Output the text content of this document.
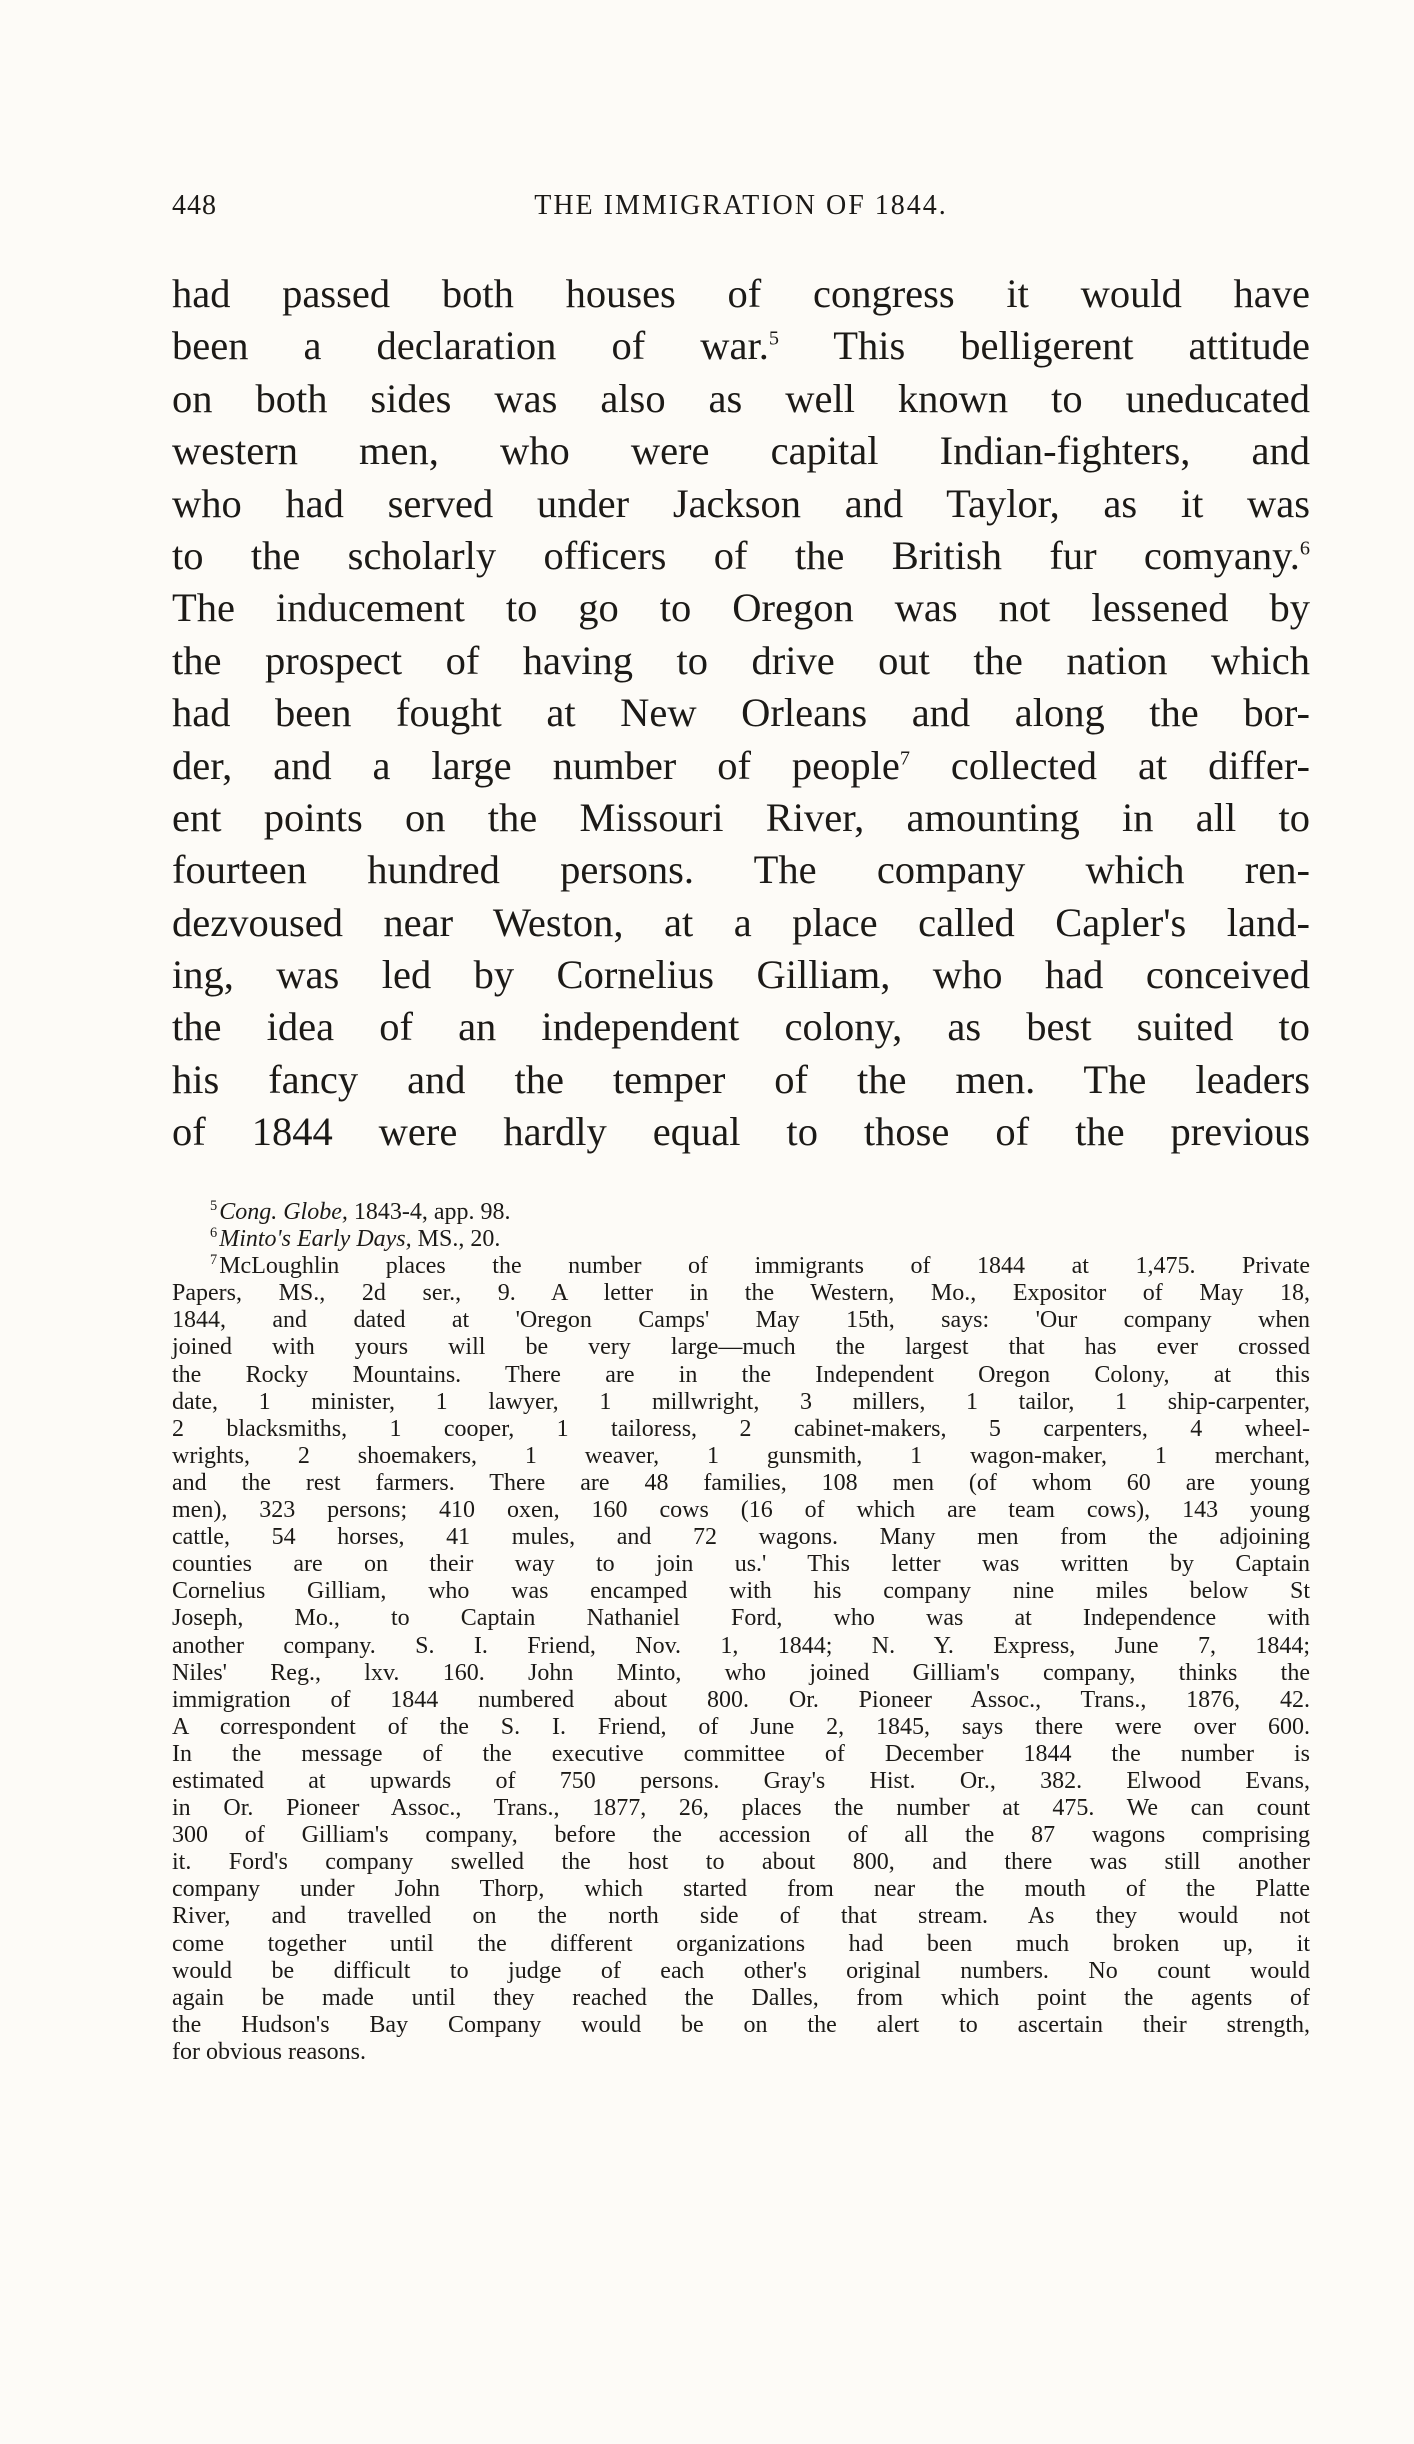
448	THE IMMIGRATION OF 1844.
had passed both houses of congress it would have
been a declaration of war.$^5$ This belligerent attitude
on both sides was also as well known to uneducated
western men, who were capital Indian-fighters, and
who had served under Jackson and Taylor, as it was
to the scholarly officers of the British fur comyany.$^6$
The inducement to go to Oregon was not lessened by
the prospect of having to drive out the nation which
had been fought at New Orleans and along the bor-
der, and a large number of people$^7$ collected at differ-
ent points on the Missouri River, amounting in all to
fourteen hundred persons. The company which ren-
dezvoused near Weston, at a place called Capler's land-
ing, was led by Cornelius Gilliam, who had conceived
the idea of an independent colony, as best suited to
his fancy and the temper of the men. The leaders
of 1844 were hardly equal to those of the previous
$^5$Cong. Globe, 1843-4, app. 98.
$^6$Minto's Early Days, MS., 20.
$^7$McLoughlin places the number of immigrants of 1844 at 1,475. Private
Papers, MS., 2d ser., 9. A letter in the Western, Mo., Expositor of May 18,
1844, and dated at 'Oregon Camps' May 15th, says: 'Our company when
joined with yours will be very large—much the largest that has ever crossed
the Rocky Mountains. There are in the Independent Oregon Colony, at this
date, 1 minister, 1 lawyer, 1 millwright, 3 millers, 1 tailor, 1 ship-carpenter,
2 blacksmiths, 1 cooper, 1 tailoress, 2 cabinet-makers, 5 carpenters, 4 wheel-
wrights, 2 shoemakers, 1 weaver, 1 gunsmith, 1 wagon-maker, 1 merchant,
and the rest farmers. There are 48 families, 108 men (of whom 60 are young
men), 323 persons; 410 oxen, 160 cows (16 of which are team cows), 143 young
cattle, 54 horses, 41 mules, and 72 wagons. Many men from the adjoining
counties are on their way to join us.' This letter was written by Captain
Cornelius Gilliam, who was encamped with his company nine miles below St
Joseph, Mo., to Captain Nathaniel Ford, who was at Independence with
another company. S. I. Friend, Nov. 1, 1844; N. Y. Express, June 7, 1844;
Niles' Reg., lxv. 160. John Minto, who joined Gilliam's company, thinks the
immigration of 1844 numbered about 800. Or. Pioneer Assoc., Trans., 1876, 42.
A correspondent of the S. I. Friend, of June 2, 1845, says there were over 600.
In the message of the executive committee of December 1844 the number is
estimated at upwards of 750 persons. Gray's Hist. Or., 382. Elwood Evans,
in Or. Pioneer Assoc., Trans., 1877, 26, places the number at 475. We can count
300 of Gilliam's company, before the accession of all the 87 wagons comprising
it. Ford's company swelled the host to about 800, and there was still another
company under John Thorp, which started from near the mouth of the Platte
River, and travelled on the north side of that stream. As they would not
come together until the different organizations had been much broken up, it
would be difficult to judge of each other's original numbers. No count would
again be made until they reached the Dalles, from which point the agents of
the Hudson's Bay Company would be on the alert to ascertain their strength,
for obvious reasons.
